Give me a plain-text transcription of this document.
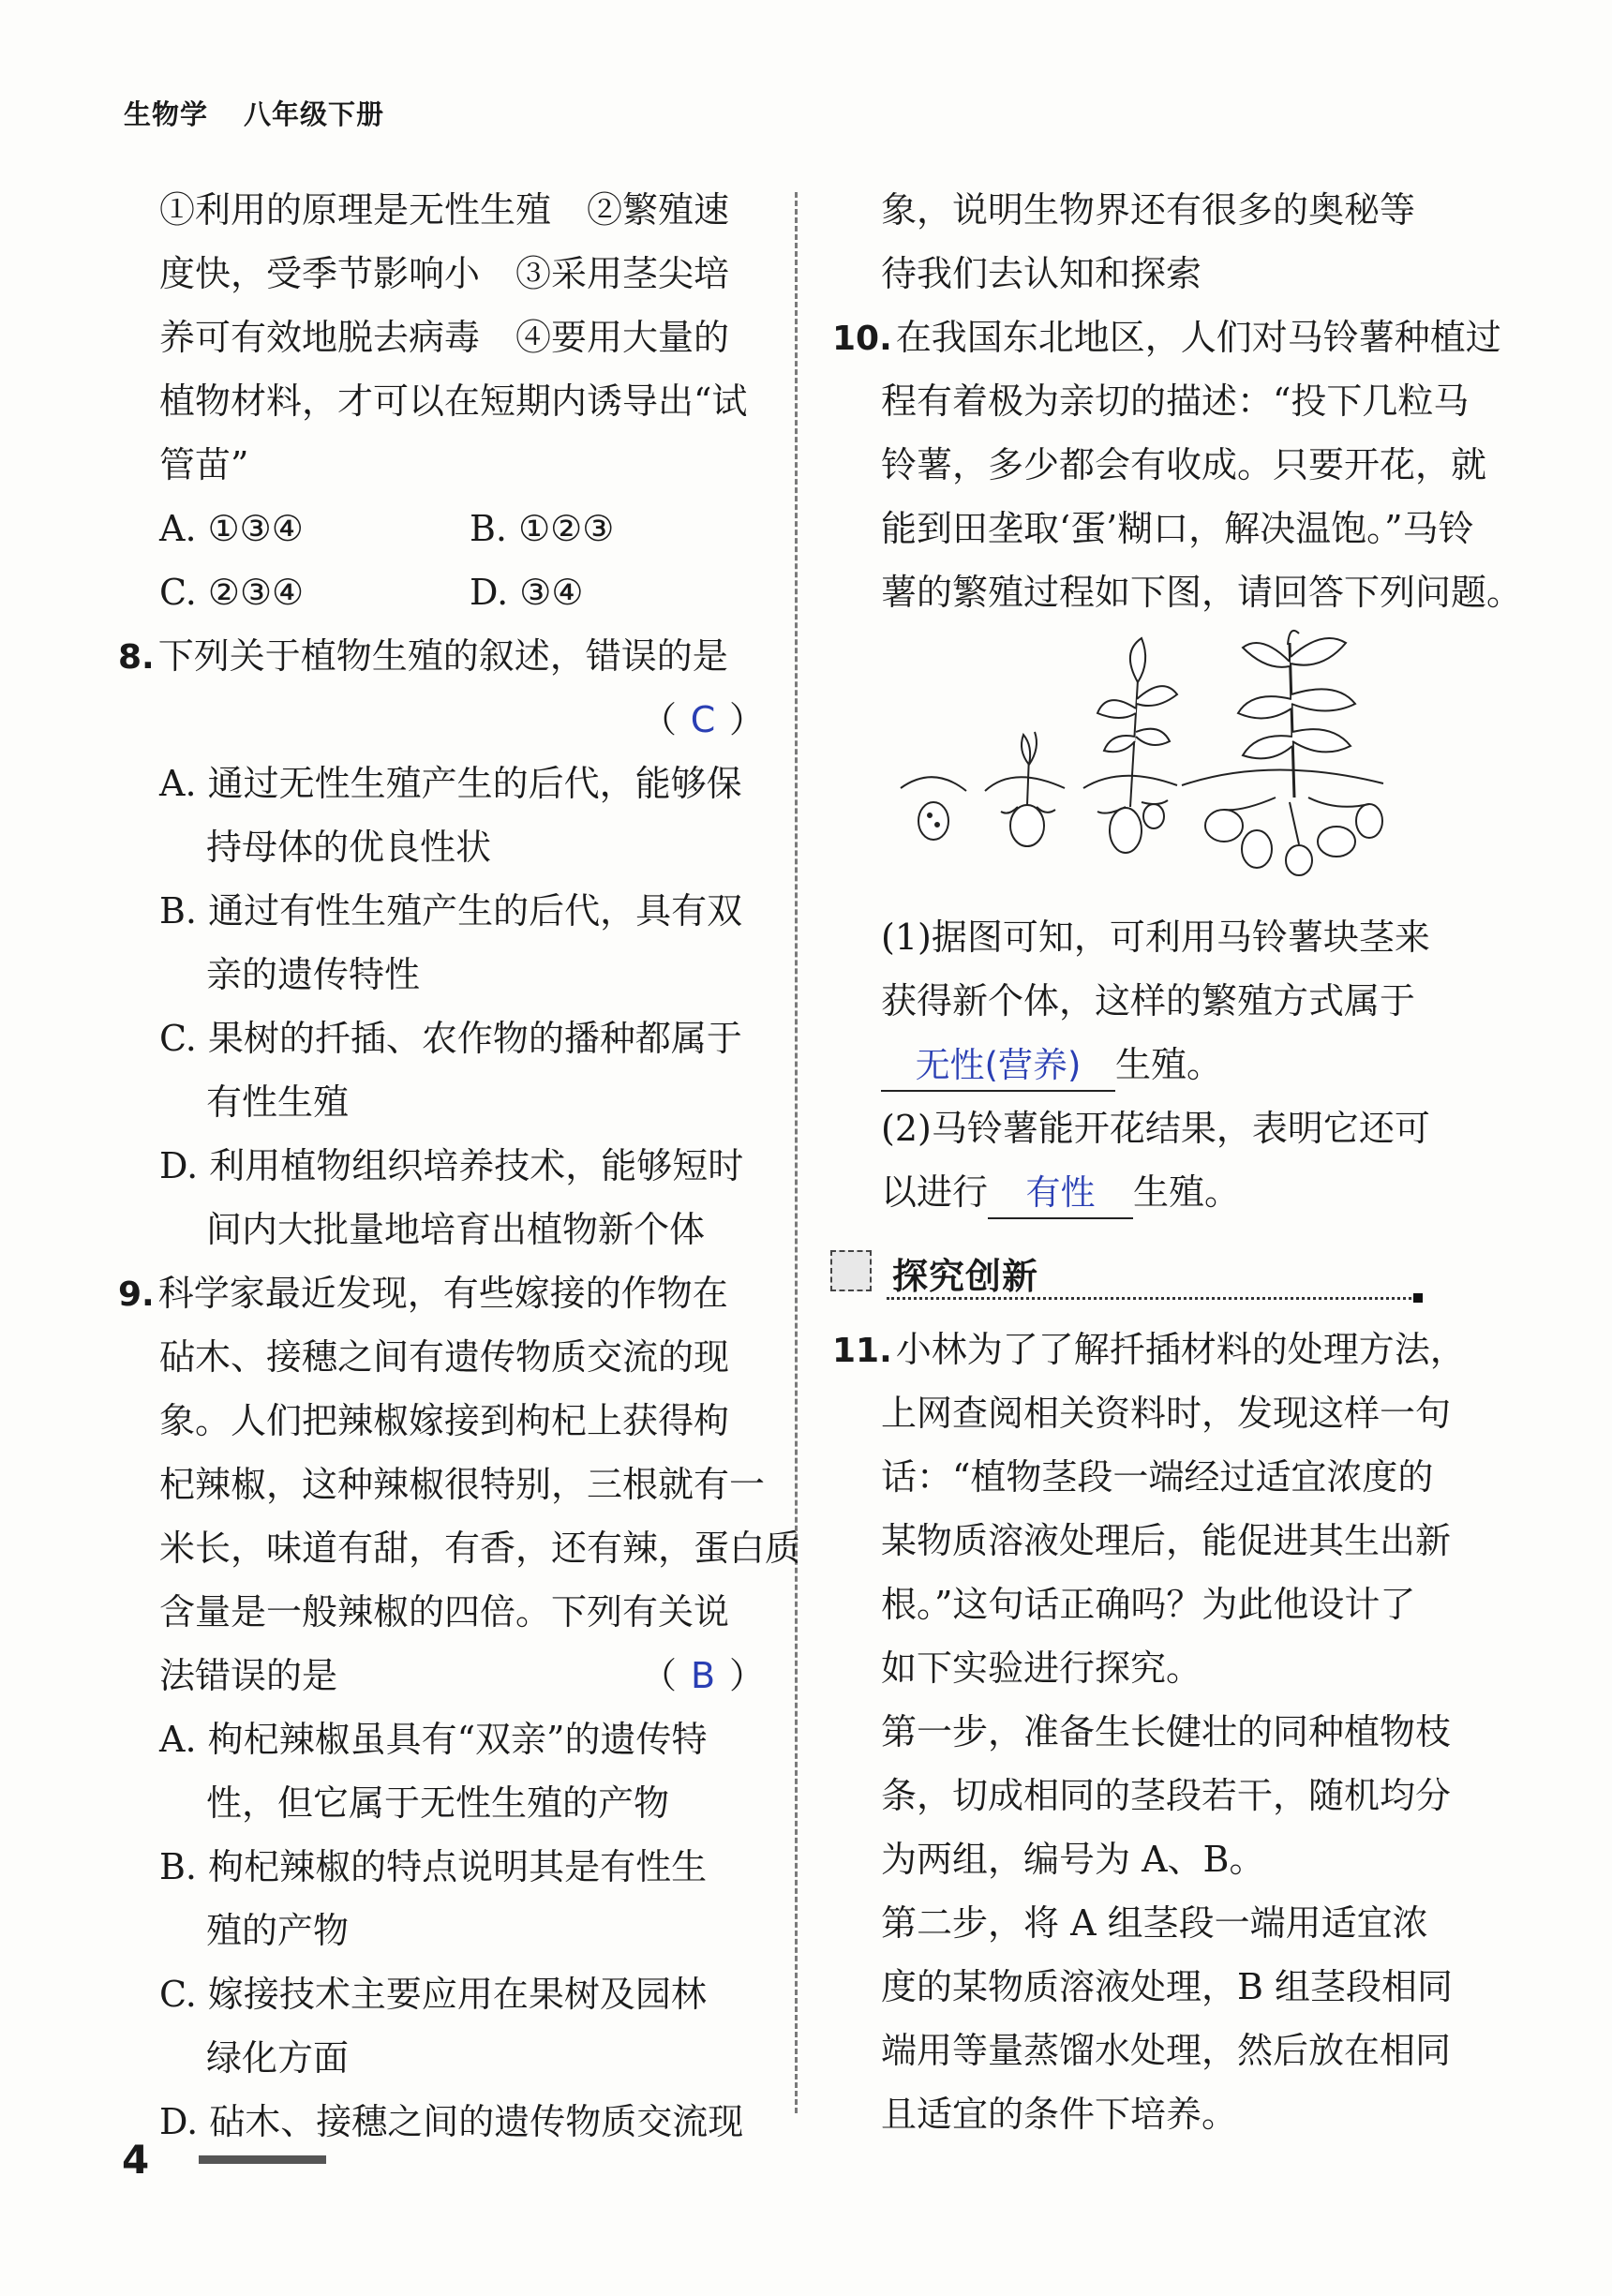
生物学 八年级下册
①利用的原理是无性生殖　②繁殖速
度快，受季节影响小　③采用茎尖培
养可有效地脱去病毒　④要用大量的
植物材料，才可以在短期内诱导出“试
管苗”
A. ①③④	B. ①②③
C. ②③④	D. ③④
8. 下列关于植物生殖的叙述，错误的是
（ C ）
A. 通过无性生殖产生的后代，能够保
持母体的优良性状
B. 通过有性生殖产生的后代，具有双
亲的遗传特性
C. 果树的扦插、农作物的播种都属于
有性生殖
D. 利用植物组织培养技术，能够短时
间内大批量地培育出植物新个体
9. 科学家最近发现，有些嫁接的作物在
砧木、接穗之间有遗传物质交流的现
象。人们把辣椒嫁接到枸杞上获得枸
杞辣椒，这种辣椒很特别，三根就有一
米长，味道有甜，有香，还有辣，蛋白质
含量是一般辣椒的四倍。下列有关说
法错误的是	（ B ）
A. 枸杞辣椒虽具有“双亲”的遗传特
性，但它属于无性生殖的产物
B. 枸杞辣椒的特点说明其是有性生
殖的产物
C. 嫁接技术主要应用在果树及园林
绿化方面
D. 砧木、接穗之间的遗传物质交流现
象，说明生物界还有很多的奥秘等
待我们去认知和探索
10. 在我国东北地区，人们对马铃薯种植过
程有着极为亲切的描述：“投下几粒马
铃薯，多少都会有收成。只要开花，就
能到田垄取‘蛋’糊口，解决温饱。”马铃
薯的繁殖过程如下图，请回答下列问题。
(1)据图可知，可利用马铃薯块茎来
获得新个体，这样的繁殖方式属于
无性(营养) 生殖。
(2)马铃薯能开花结果，表明它还可
以进行 有性 生殖。
探究创新
11. 小林为了了解扦插材料的处理方法，
上网查阅相关资料时，发现这样一句
话：“植物茎段一端经过适宜浓度的
某物质溶液处理后，能促进其生出新
根。”这句话正确吗？为此他设计了
如下实验进行探究。
第一步，准备生长健壮的同种植物枝
条，切成相同的茎段若干，随机均分
为两组，编号为 A、B。
第二步，将 A 组茎段一端用适宜浓
度的某物质溶液处理，B 组茎段相同
端用等量蒸馏水处理，然后放在相同
且适宜的条件下培养。
4
